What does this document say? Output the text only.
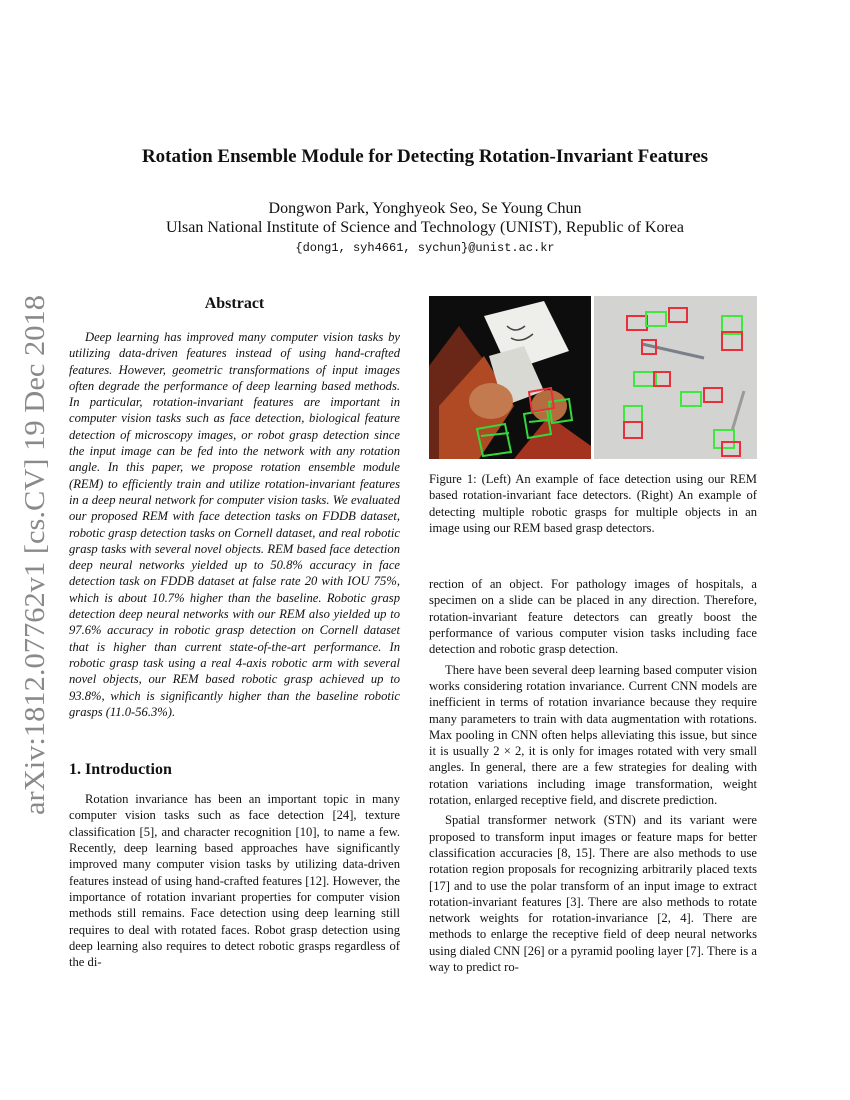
arXiv:1812.07762v1 [cs.CV] 19 Dec 2018
Rotation Ensemble Module for Detecting Rotation-Invariant Features
Dongwon Park, Yonghyeok Seo, Se Young Chun
Ulsan National Institute of Science and Technology (UNIST), Republic of Korea
{dong1, syh4661, sychun}@unist.ac.kr
Abstract

Deep learning has improved many computer vision tasks by utilizing data-driven features instead of using hand-crafted features. However, geometric transformations of input images often degrade the performance of deep learning based methods. In particular, rotation-invariant features are important in computer vision tasks such as face detection, biological feature detection of microscopy images, or robot grasp detection since the input image can be fed into the network with any rotation angle. In this paper, we propose rotation ensemble module (REM) to efficiently train and utilize rotation-invariant features in a deep neural network for computer vision tasks. We evaluated our proposed REM with face detection tasks on FDDB dataset, robotic grasp detection tasks on Cornell dataset, and real robotic grasp tasks with several novel objects. REM based face detection deep neural networks yielded up to 50.8% accuracy in face detection task on FDDB dataset at false rate 20 with IOU 75%, which is about 10.7% higher than the baseline. Robotic grasp detection deep neural networks with our REM also yielded up to 97.6% accuracy in robotic grasp detection on Cornell dataset that is higher than current state-of-the-art performance. In robotic grasp task using a real 4-axis robotic arm with several novel objects, our REM based robotic grasp achieved up to 93.8%, which is significantly higher than the baseline robotic grasps (11.0-56.3%).

1. Introduction

Rotation invariance has been an important topic in many computer vision tasks such as face detection [24], texture classification [5], and character recognition [10], to name a few. Recently, deep learning based approaches have significantly improved many computer vision tasks by utilizing data-driven features instead of using hand-crafted features [12]. However, the importance of rotation invariant properties for computer vision methods still remains. Face detection using deep learning still requires to deal with rotated faces. Robot grasp detection using deep learning also requires to detect robotic grasps regardless of the di-

Figure 1: (Left) An example of face detection using our REM based rotation-invariant face detectors. (Right) An example of detecting multiple robotic grasps for multiple objects in an image using our REM based grasp detectors.

rection of an object. For pathology images of hospitals, a specimen on a slide can be placed in any direction. Therefore, rotation-invariant feature detectors can greatly boost the performance of various computer vision tasks including face detection and robotic grasp detection.

There have been several deep learning based computer vision works considering rotation invariance. Current CNN models are inefficient in terms of rotation invariance because they require many parameters to train with data augmentation with rotations. Max pooling in CNN often helps alleviating this issue, but since it is usually 2 × 2, it is only for images rotated with very small angles. In general, there are a few strategies for dealing with rotation variations including image transformation, weight rotation, enlarged receptive field, and discrete prediction.

Spatial transformer network (STN) and its variant were proposed to transform input images or feature maps for better classification accuracies [8, 15]. There are also methods to use rotation region proposals for recognizing arbitrarily placed texts [17] and to use the polar transform of an input image to extract rotation-invariant features [3]. There are also methods to rotate network weights for rotation-invariance [2, 4]. There are methods to enlarge the receptive field of deep neural networks using dialed CNN [26] or a pyramid pooling layer [7]. There is a way to predict ro-
